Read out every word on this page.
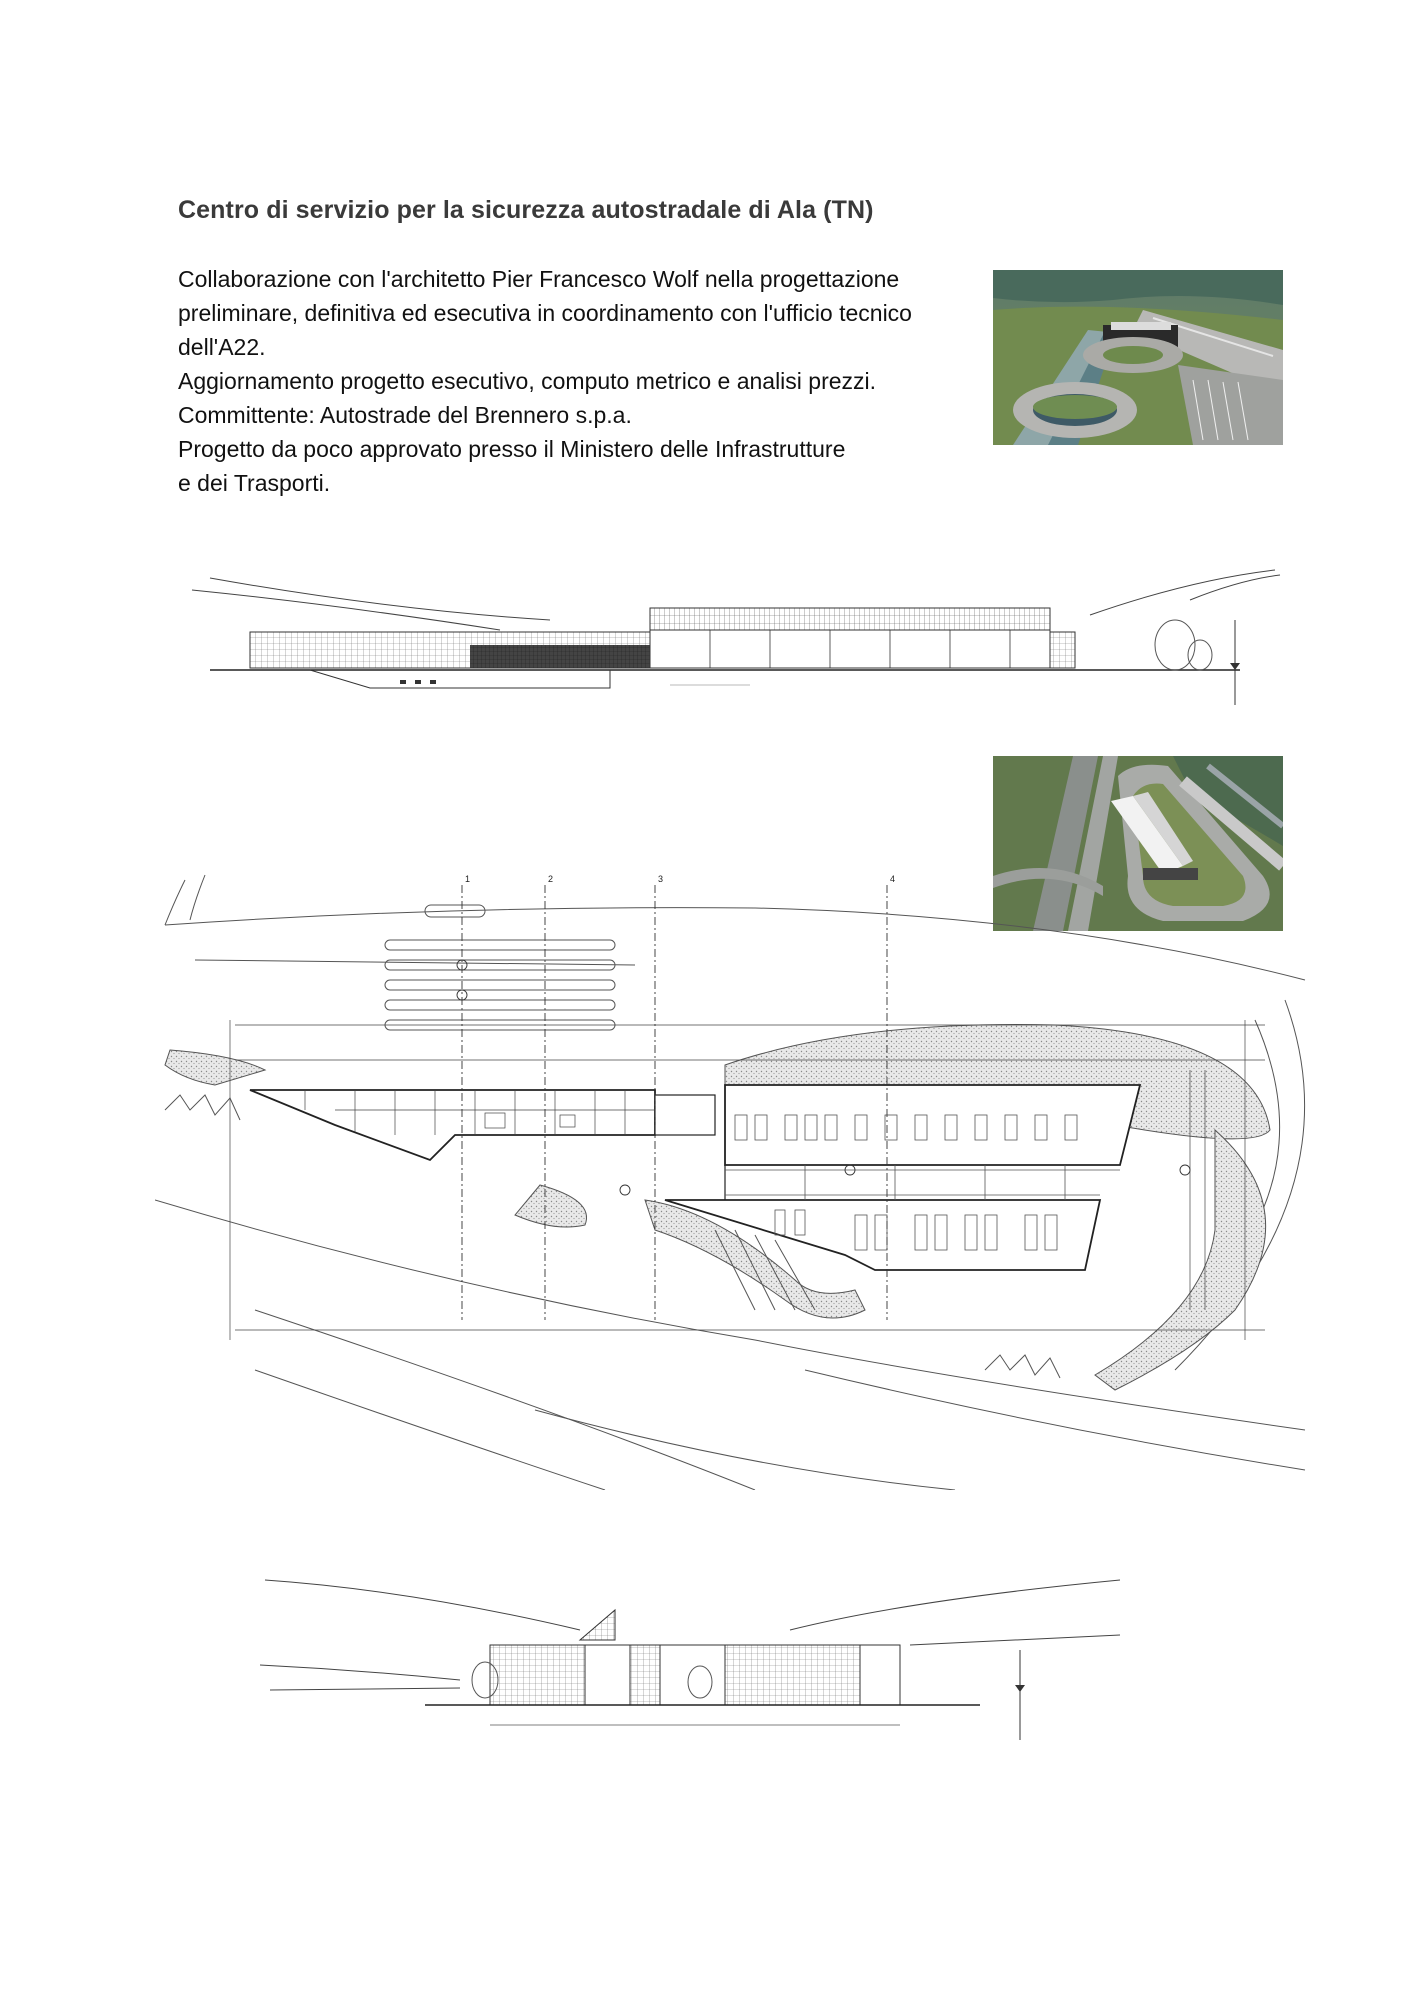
Centro di servizio per la sicurezza autostradale di Ala (TN)

Collaborazione con l'architetto Pier Francesco Wolf nella progettazione

preliminare, definitiva ed esecutiva in coordinamento con l'ufficio tecnico

dell'A22.

Aggiornamento progetto esecutivo, computo metrico e analisi prezzi.

Committente: Autostrade del Brennero s.p.a.

Progetto da poco approvato presso il Ministero delle Infrastrutture

e dei Trasporti.

1	2	3	4
